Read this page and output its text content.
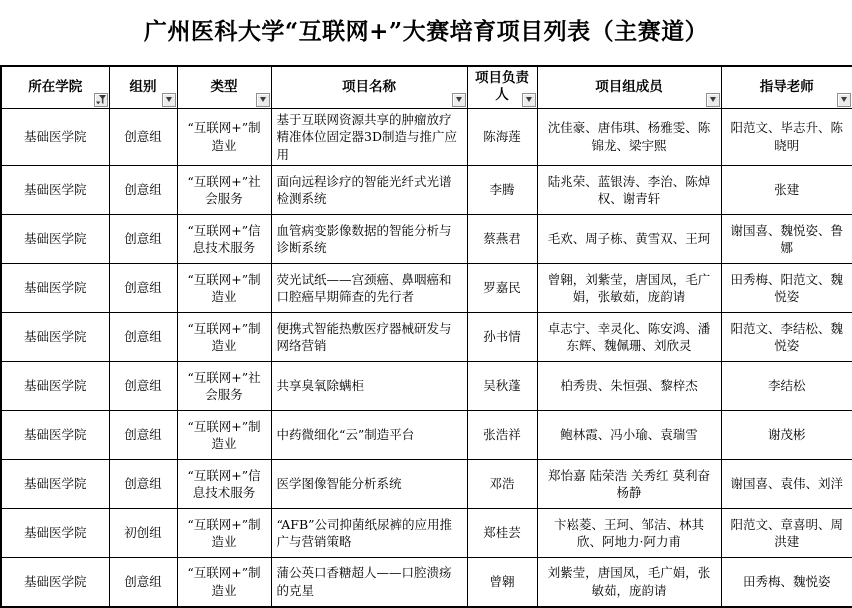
广州医科大学“互联网+”大赛培育项目列表（主赛道）
所在学院	组别	类型	项目名称	项目负责人	项目组成员	指导老师

基础医学院	创意组	“互联网+”制造业	基于互联网资源共享的肿瘤放疗精准体位固定器3D制造与推广应用	陈海莲	沈佳豪、唐伟琪、杨雅雯、陈锦龙、梁宇熙	阳范文、毕志升、陈晓明
基础医学院	创意组	“互联网+”社会服务	面向远程诊疗的智能光纤式光谱检测系统	李腾	陆兆荣、蓝银涛、李治、陈焯权、谢青轩	张建
基础医学院	创意组	“互联网+”信息技术服务	血管病变影像数据的智能分析与诊断系统	蔡燕君	毛欢、周子栋、黄雪双、王珂	谢国喜、魏悦姿、鲁娜
基础医学院	创意组	“互联网+”制造业	荧光试纸——宫颈癌、鼻咽癌和口腔癌早期筛查的先行者	罗嘉民	曾翱，刘紫莹，唐国凤，毛广娟，张敏茹，庞韵请	田秀梅、阳范文、魏悦姿
基础医学院	创意组	“互联网+”制造业	便携式智能热敷医疗器械研发与网络营销	孙书情	卓志宁、幸灵化、陈安鸿、潘东辉、魏佩珊、刘欣灵	阳范文、李结松、魏悦姿
基础医学院	创意组	“互联网+”社会服务	共享臭氧除螨柜	吴秋蓬	柏秀贵、朱恒强、黎梓杰	李结松
基础医学院	创意组	“互联网+”制造业	中药微细化“云”制造平台	张浩祥	鲍林霞、冯小瑜、袁瑞雪	谢茂彬
基础医学院	创意组	“互联网+”信息技术服务	医学图像智能分析系统	邓浩	郑怡嘉 陆荣浩 关秀红 莫利奋 杨静	谢国喜、袁伟、刘洋
基础医学院	初创组	“互联网+”制造业	“AFB”公司抑菌纸尿裤的应用推广与营销策略	郑桂芸	卞崧菱、王珂、邹洁、林其欣、阿地力·阿力甫	阳范文、章喜明、周洪建
基础医学院	创意组	“互联网+”制造业	蒲公英口香糖超人——口腔溃疡的克星	曾翱	刘紫莹，唐国凤，毛广娟，张敏茹，庞韵请	田秀梅、魏悦姿
